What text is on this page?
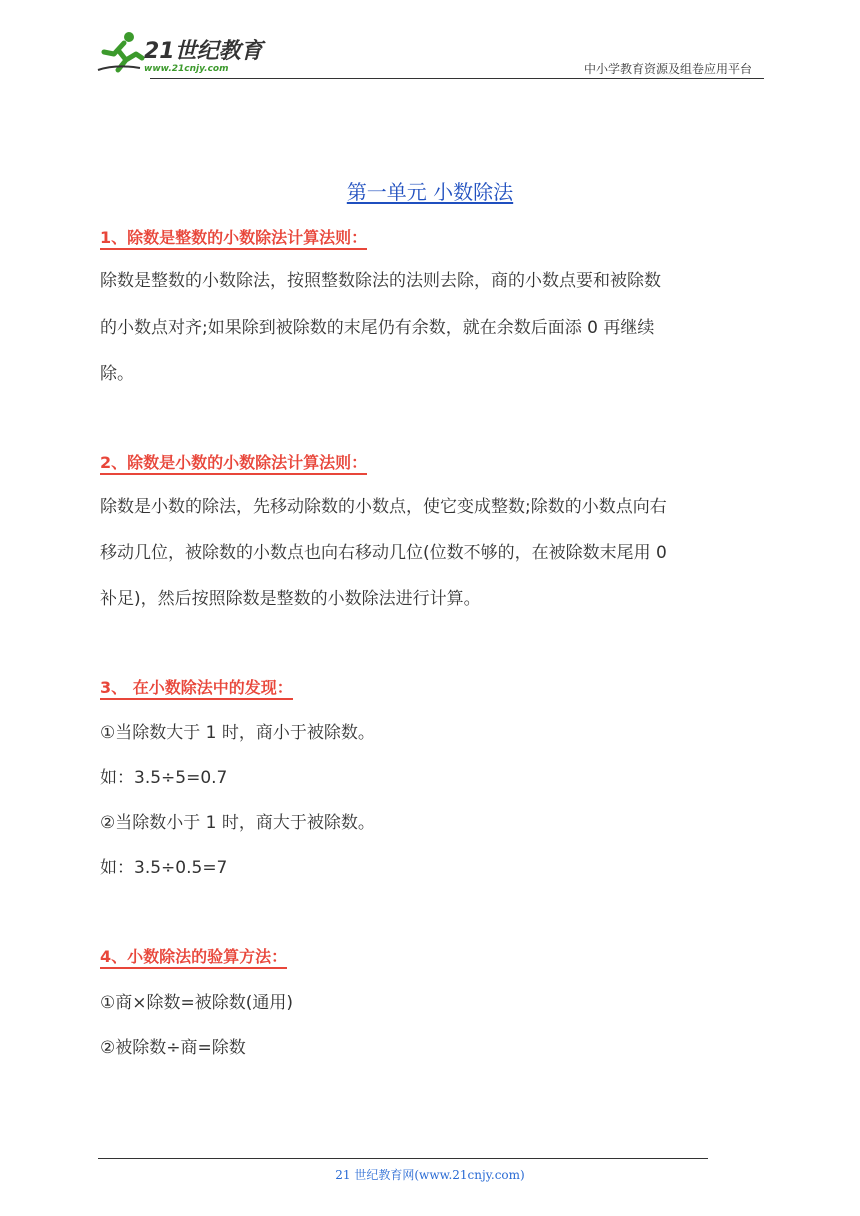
21世纪教育
www.21cnjy.com	中小学教育资源及组卷应用平台
第一单元 小数除法
1、除数是整数的小数除法计算法则：
除数是整数的小数除法，按照整数除法的法则去除，商的小数点要和被除数
的小数点对齐;如果除到被除数的末尾仍有余数，就在余数后面添 0 再继续
除。
2、除数是小数的小数除法计算法则：
除数是小数的除法，先移动除数的小数点，使它变成整数;除数的小数点向右
移动几位，被除数的小数点也向右移动几位(位数不够的，在被除数末尾用 0
补足)，然后按照除数是整数的小数除法进行计算。
3、 在小数除法中的发现：
①当除数大于 1 时，商小于被除数。
如：3.5÷5=0.7
②当除数小于 1 时，商大于被除数。
如：3.5÷0.5=7
4、小数除法的验算方法：
①商×除数=被除数(通用)
②被除数÷商=除数
21 世纪教育网(www.21cnjy.com)
